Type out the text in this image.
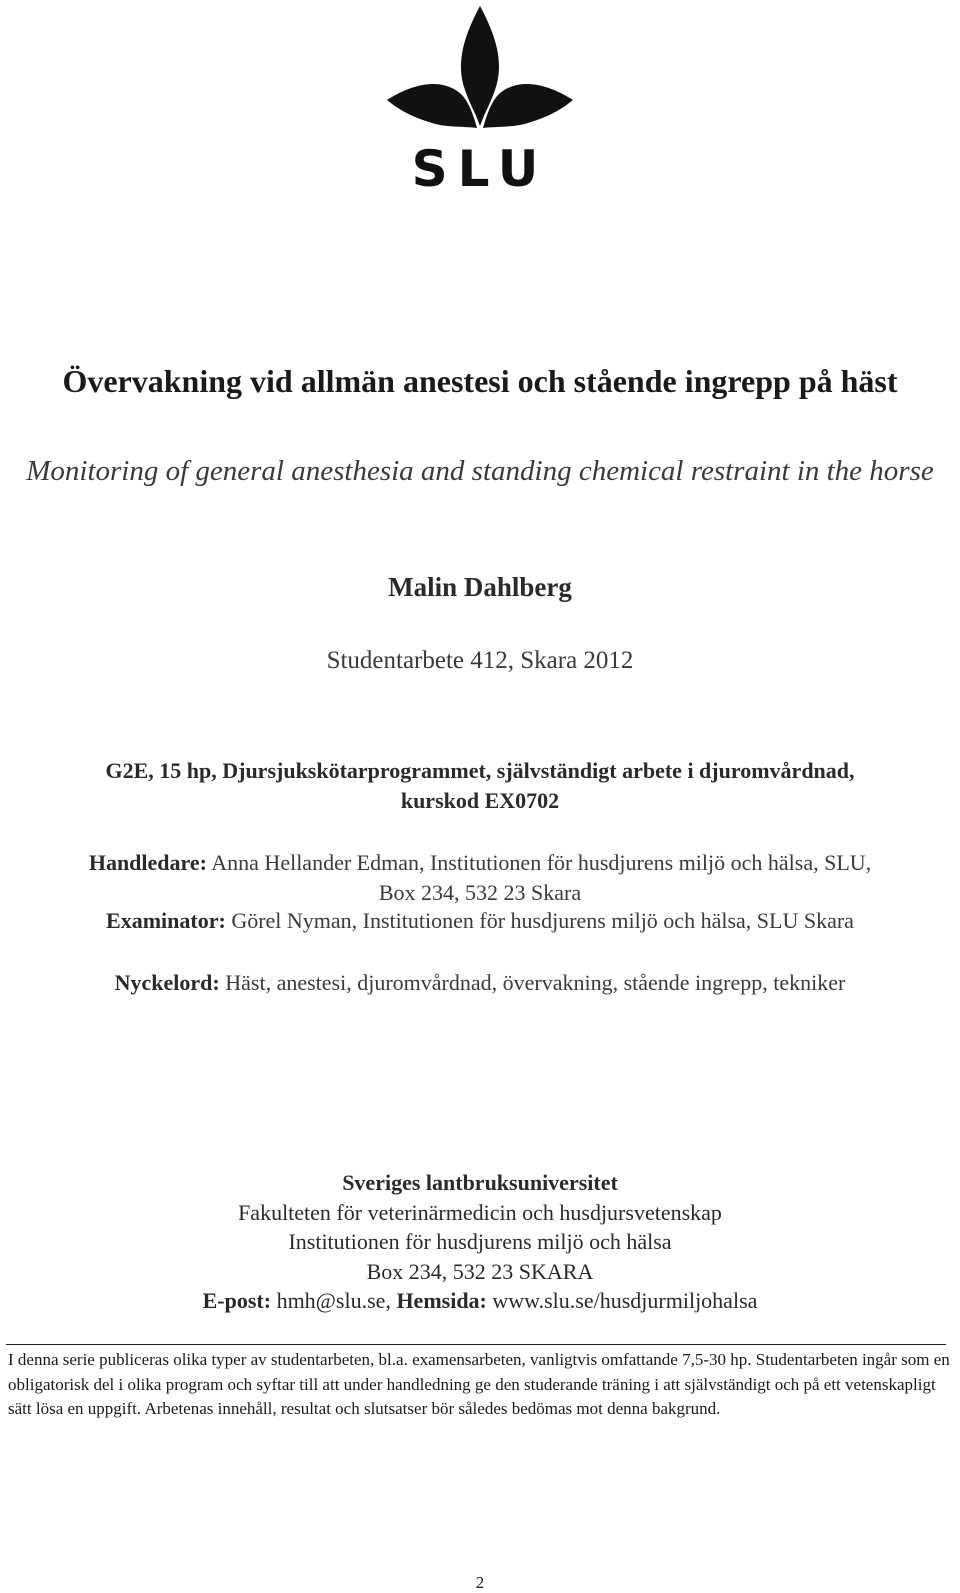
SLU
Övervakning vid allmän anestesi och stående ingrepp på häst
Monitoring of general anesthesia and standing chemical restraint in the horse
Malin Dahlberg
Studentarbete 412, Skara 2012
G2E, 15 hp, Djursjukskötarprogrammet, självständigt arbete i djuromvårdnad,
kurskod EX0702
Handledare: Anna Hellander Edman, Institutionen för husdjurens miljö och hälsa, SLU,
Box 234, 532 23 Skara
Examinator: Görel Nyman, Institutionen för husdjurens miljö och hälsa, SLU Skara
Nyckelord: Häst, anestesi, djuromvårdnad, övervakning, stående ingrepp, tekniker
Sveriges lantbruksuniversitet
Fakulteten för veterinärmedicin och husdjursvetenskap
Institutionen för husdjurens miljö och hälsa
Box 234, 532 23 SKARA
E-post: hmh@slu.se, Hemsida: www.slu.se/husdjurmiljohalsa
I denna serie publiceras olika typer av studentarbeten, bl.a. examensarbeten, vanligtvis omfattande 7,5-30 hp. Studentarbeten ingår som en obligatorisk del i olika program och syftar till att under handledning ge den studerande träning i att självständigt och på ett vetenskapligt sätt lösa en uppgift. Arbetenas innehåll, resultat och slutsatser bör således bedömas mot denna bakgrund.
2
